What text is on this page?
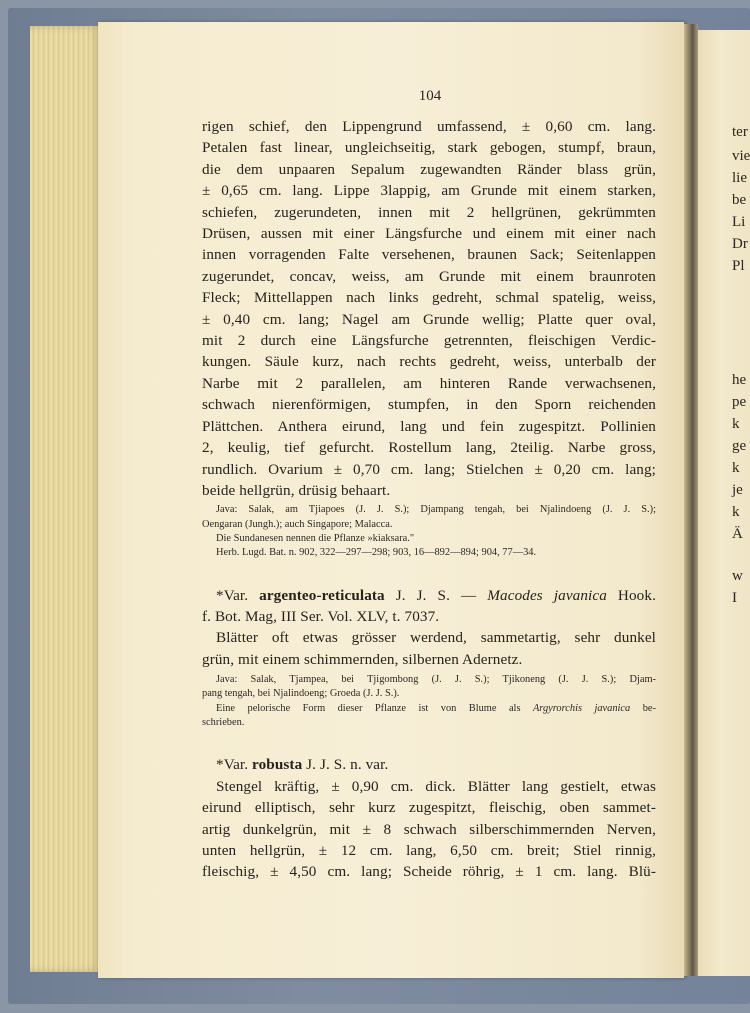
ter
vie
lie
be
Li
Dr
Pl
he
pe
k
ge
k
je
k
Ä
w
I
104
rigen schief, den Lippengrund umfassend, ± 0,60 cm. lang.
Petalen fast linear, ungleichseitig, stark gebogen, stumpf, braun,
die dem unpaaren Sepalum zugewandten Ränder blass grün,
± 0,65 cm. lang. Lippe 3lappig, am Grunde mit einem starken,
schiefen, zugerundeten, innen mit 2 hellgrünen, gekrümmten
Drüsen, aussen mit einer Längsfurche und einem mit einer nach
innen vorragenden Falte versehenen, braunen Sack; Seitenlappen
zugerundet, concav, weiss, am Grunde mit einem braunroten
Fleck; Mittellappen nach links gedreht, schmal spatelig, weiss,
± 0,40 cm. lang; Nagel am Grunde wellig; Platte quer oval,
mit 2 durch eine Längsfurche getrennten, fleischigen Verdic-
kungen. Säule kurz, nach rechts gedreht, weiss, unterbalb der
Narbe mit 2 parallelen, am hinteren Rande verwachsenen,
schwach nierenförmigen, stumpfen, in den Sporn reichenden
Plättchen. Anthera eirund, lang und fein zugespitzt. Pollinien
2, keulig, tief gefurcht. Rostellum lang, 2teilig. Narbe gross,
rundlich. Ovarium ± 0,70 cm. lang; Stielchen ± 0,20 cm. lang;
beide hellgrün, drüsig behaart.
Java: Salak, am Tjiapoes (J. J. S.); Djampang tengah, bei Njalindoeng (J. J. S.);
Oengaran (Jungh.); auch Singapore; Malacca.
Die Sundanesen nennen die Pflanze »kiaksara."
Herb. Lugd. Bat. n. 902, 322—297—298; 903, 16—892—894; 904, 77—34.
*Var. argenteo-reticulata J. J. S. — Macodes javanica Hook.
f. Bot. Mag, III Ser. Vol. XLV, t. 7037.
Blätter oft etwas grösser werdend, sammetartig, sehr dunkel
grün, mit einem schimmernden, silbernen Adernetz.
Java: Salak, Tjampea, bei Tjigombong (J. J. S.); Tjikoneng (J. J. S.); Djam-
pang tengah, bei Njalindoeng; Groeda (J. J. S.).
Eine pelorische Form dieser Pflanze ist von Blume als Argyrorchis javanica be-
schrieben.
*Var. robusta J. J. S. n. var.
Stengel kräftig, ± 0,90 cm. dick. Blätter lang gestielt, etwas
eirund elliptisch, sehr kurz zugespitzt, fleischig, oben sammet-
artig dunkelgrün, mit ± 8 schwach silberschimmernden Nerven,
unten hellgrün, ± 12 cm. lang, 6,50 cm. breit; Stiel rinnig,
fleischig, ± 4,50 cm. lang; Scheide röhrig, ± 1 cm. lang. Blü-
